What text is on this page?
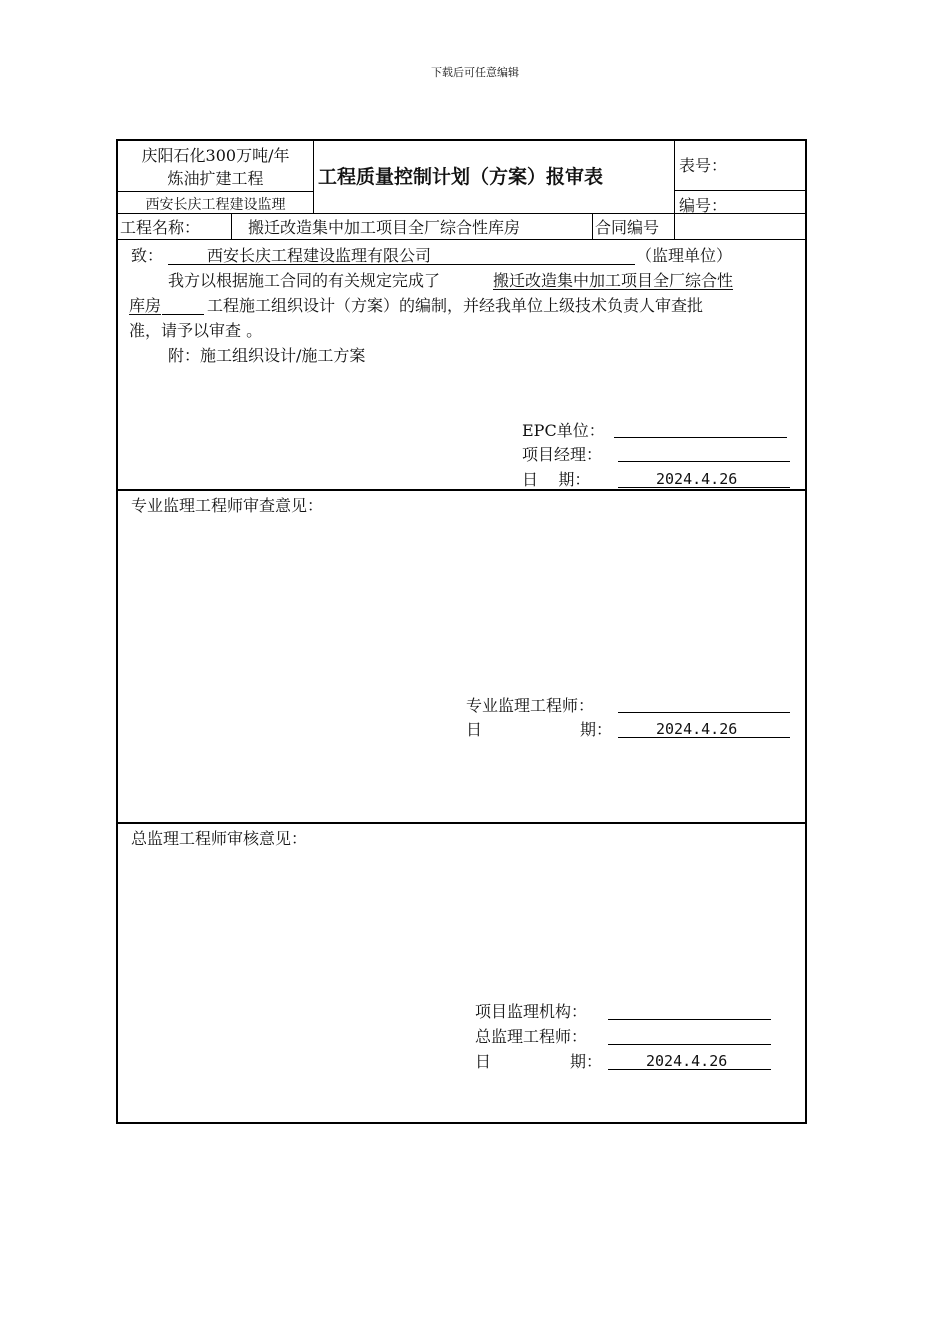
下载后可任意编辑
庆阳石化300万吨/年
炼油扩建工程
西安长庆工程建设监理
工程质量控制计划（方案）报审表
表号：
编号：
工程名称：	搬迁改造集中加工项目全厂综合性库房	合同编号
致：	西安长庆工程建设监理有限公司	（监理单位）
我方以根据施工合同的有关规定完成了	搬迁改造集中加工项目全厂综合性
库房	工程施工组织设计（方案）的编制，并经我单位上级技术负责人审查批
准，请予以审查 。
附：施工组织设计/施工方案
EPC单位：
项目经理：
日    期：	2024.4.26
专业监理工程师审查意见：
专业监理工程师：
日	期：	2024.4.26
总监理工程师审核意见：
项目监理机构：
总监理工程师：
日	期：	2024.4.26
